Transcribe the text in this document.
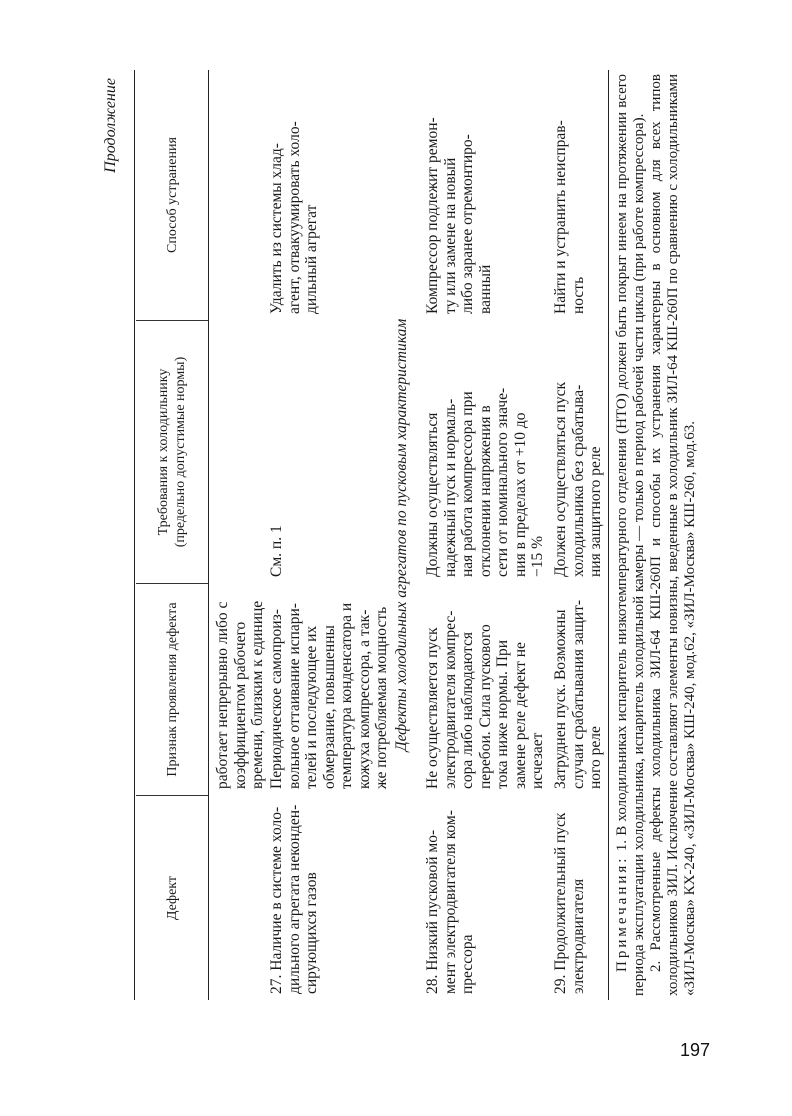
Продолжение
Дефект
Признак проявления дефекта
Требования к холодильнику
(предельно допустимые нормы)
Способ устранения
работает непрерывно либо с
коэффициентом рабочего
времени, близким к единице
27. Наличие в системе холо-
дильного агрегата неконден-
сирующихся газов
Периодическое самопроиз-
вольное оттаивание испари-
телей и последующее их
обмерзание, повышенны
температура конденсатора и
кожуха компрессора, а так-
же потребляемая мощность
См. п. 1
Удалить из системы хлад-
агент, отвакуумировать холо-
дильный агрегат
Дефекты холодильных агрегатов по пусковым характеристикам
28. Низкий пусковой мо-
мент электродвигателя ком-
прессора
Не осуществляется пуск
электродвигателя компрес-
сора либо наблюдаются
перебои. Сила пускового
тока ниже нормы. При
замене реле дефект не
исчезает
Должны осуществляться
надежный пуск и нормаль-
ная работа компрессора при
отклонении напряжения в
сети от номинального значе-
ния в пределах от +10 до
−15 %
Компрессор подлежит ремон-
ту или замене на новый
либо заранее отремонтиро-
ванный
29. Продолжительный пуск
электродвигателя
Затруднен пуск. Возможны
случаи срабатывания защит-
ного реле
Должен осуществляться пуск
холодильника без срабатыва-
ния защитного реле
Найти и устранить неисправ-
ность

Примечания: 1. В холодильниках испаритель низкотемпературного отделения (НТО) должен быть покрыт инеем на протяжении всего периода эксплуатации холодильника, испаритель холодильной камеры — только в период рабочей части цикла (при работе компрессора). 2. Рассмотренные дефекты холодильника ЗИЛ-64 КШ-260П и способы их устранения характерны в основном для всех типов холодильников ЗИЛ. Исключение составляют элементы новизны, введенные в холодильник ЗИЛ-64 КШ-260П по сравнению с холодильниками «ЗИЛ-Москва» КХ-240, «ЗИЛ-Москва» КШ-240, мод.62, «ЗИЛ-Москва» КШ-260, мод.63.

197
